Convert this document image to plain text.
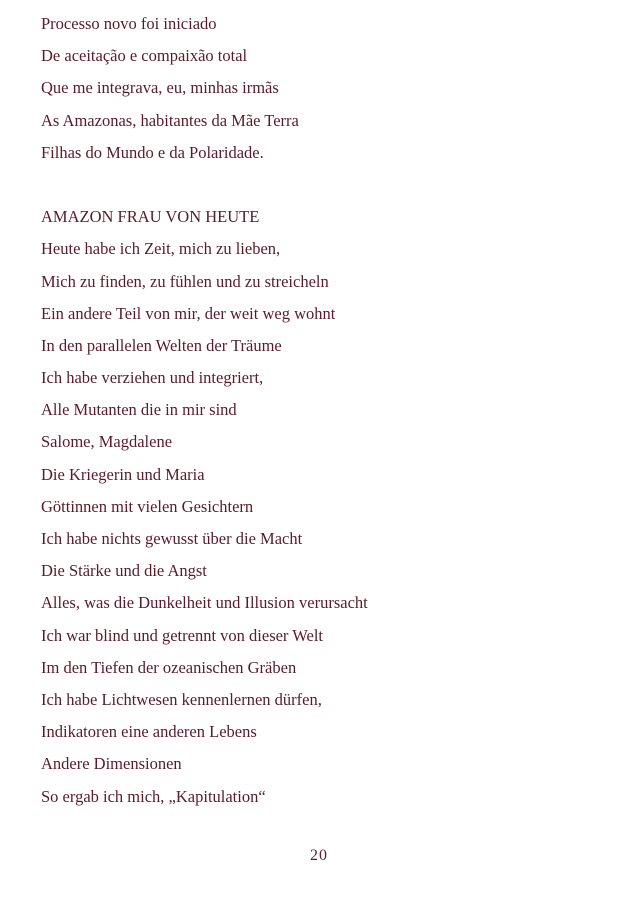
Processo novo foi iniciado
De aceitação e compaixão total
Que me integrava, eu, minhas irmãs
As Amazonas, habitantes da Mãe Terra
Filhas do Mundo e da Polaridade.
AMAZON FRAU VON HEUTE
Heute habe ich Zeit, mich zu lieben,
Mich zu finden, zu fühlen und zu streicheln
Ein andere Teil von mir, der weit weg wohnt
In den parallelen Welten der Träume
Ich habe verziehen und integriert,
Alle Mutanten die in mir sind
Salome, Magdalene
Die Kriegerin und Maria
Göttinnen mit vielen Gesichtern
Ich habe nichts gewusst über die Macht
Die Stärke und die Angst
Alles, was die Dunkelheit und Illusion verursacht
Ich war blind und getrennt von dieser Welt
Im den Tiefen der ozeanischen Gräben
Ich habe Lichtwesen kennenlernen dürfen,
Indikatoren eine anderen Lebens
Andere Dimensionen
So ergab ich mich, „Kapitulation“
20
